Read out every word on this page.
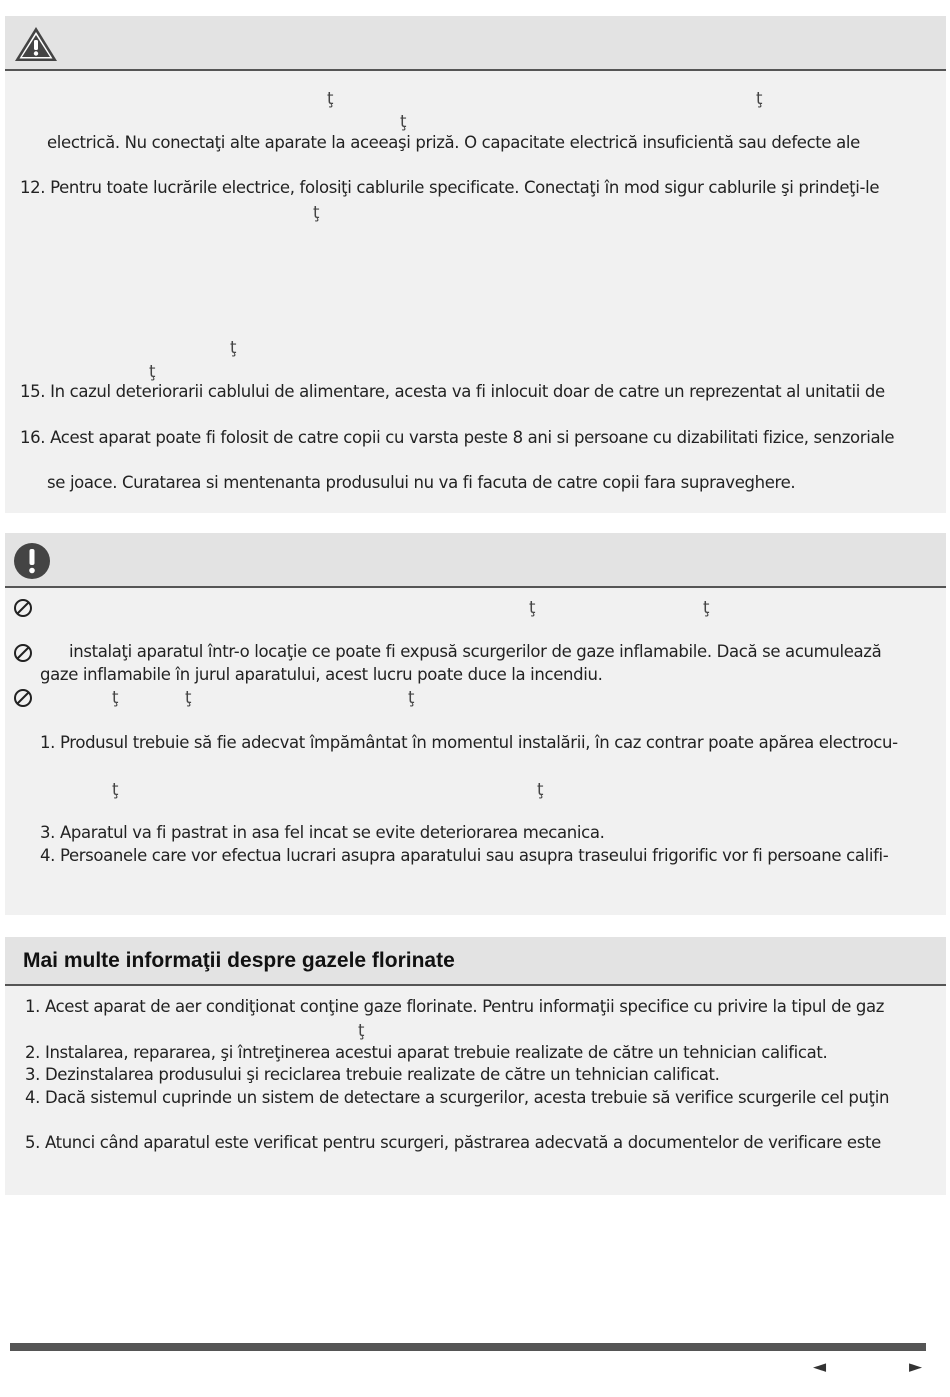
ţ	ţ
ţ
electrică. Nu conectaţi alte aparate la aceeaşi priză. O capacitate electrică insuficientă sau defecte ale
12. Pentru toate lucrările electrice, folosiţi cablurile specificate. Conectaţi în mod sigur cablurile şi prindeţi-le
ţ
ţ
ţ
15. In cazul deteriorarii cablului de alimentare, acesta va fi inlocuit doar de catre un reprezentat al unitatii de
16. Acest aparat poate fi folosit de catre copii cu varsta peste 8 ani si persoane cu dizabilitati fizice, senzoriale
se joace. Curatarea si mentenanta produsului nu va fi facuta de catre copii fara supraveghere.
ţ	ţ
instalaţi aparatul într-o locaţie ce poate fi expusă scurgerilor de gaze inflamabile. Dacă se acumulează
gaze inflamabile în jurul aparatului, acest lucru poate duce la incendiu.
ţ	ţ	ţ
1. Produsul trebuie să fie adecvat împământat în momentul instalării, în caz contrar poate apărea electrocu-
ţ	ţ
3. Aparatul va fi pastrat in asa fel incat se evite deteriorarea mecanica.
4. Persoanele care vor efectua lucrari asupra aparatului sau asupra traseului frigorific vor fi persoane califi-
Mai multe informaţii despre gazele florinate
1. Acest aparat de aer condiţionat conţine gaze florinate. Pentru informaţii specifice cu privire la tipul de gaz
ţ
2. Instalarea, repararea, şi întreţinerea acestui aparat trebuie realizate de către un tehnician calificat.
3. Dezinstalarea produsului şi reciclarea trebuie realizate de către un tehnician calificat.
4. Dacă sistemul cuprinde un sistem de detectare a scurgerilor, acesta trebuie să verifice scurgerile cel puţin
5. Atunci când aparatul este verificat pentru scurgeri, păstrarea adecvată a documentelor de verificare este
◄	►
